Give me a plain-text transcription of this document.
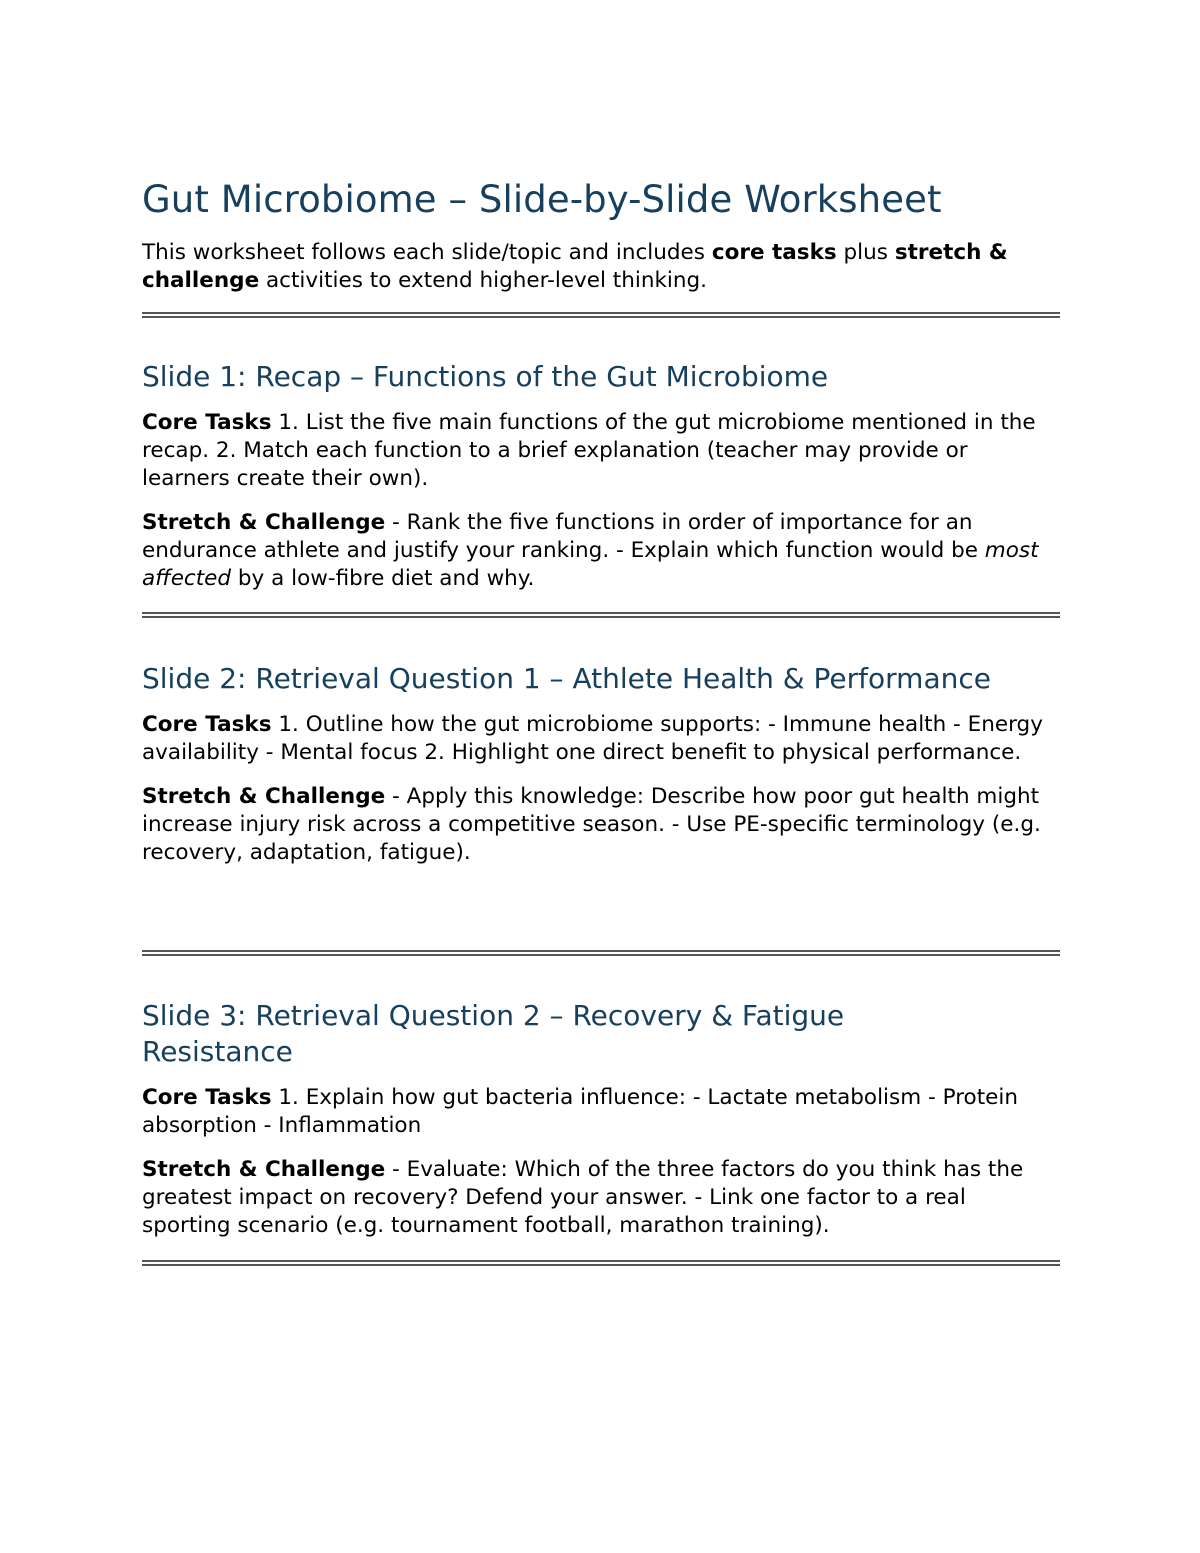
Gut Microbiome – Slide-by-Slide Worksheet

This worksheet follows each slide/topic and includes core tasks plus stretch & challenge activities to extend higher-level thinking.

Slide 1: Recap – Functions of the Gut Microbiome

Core Tasks 1. List the five main functions of the gut microbiome mentioned in the recap. 2. Match each function to a brief explanation (teacher may provide or learners create their own).

Stretch & Challenge - Rank the five functions in order of importance for an endurance athlete and justify your ranking. - Explain which function would be most affected by a low-fibre diet and why.

Slide 2: Retrieval Question 1 – Athlete Health & Performance

Core Tasks 1. Outline how the gut microbiome supports: - Immune health - Energy availability - Mental focus 2. Highlight one direct benefit to physical performance.

Stretch & Challenge - Apply this knowledge: Describe how poor gut health might increase injury risk across a competitive season. - Use PE-specific terminology (e.g. recovery, adaptation, fatigue).

Slide 3: Retrieval Question 2 – Recovery & Fatigue Resistance

Core Tasks 1. Explain how gut bacteria influence: - Lactate metabolism - Protein absorption - Inflammation

Stretch & Challenge - Evaluate: Which of the three factors do you think has the greatest impact on recovery? Defend your answer. - Link one factor to a real sporting scenario (e.g. tournament football, marathon training).
